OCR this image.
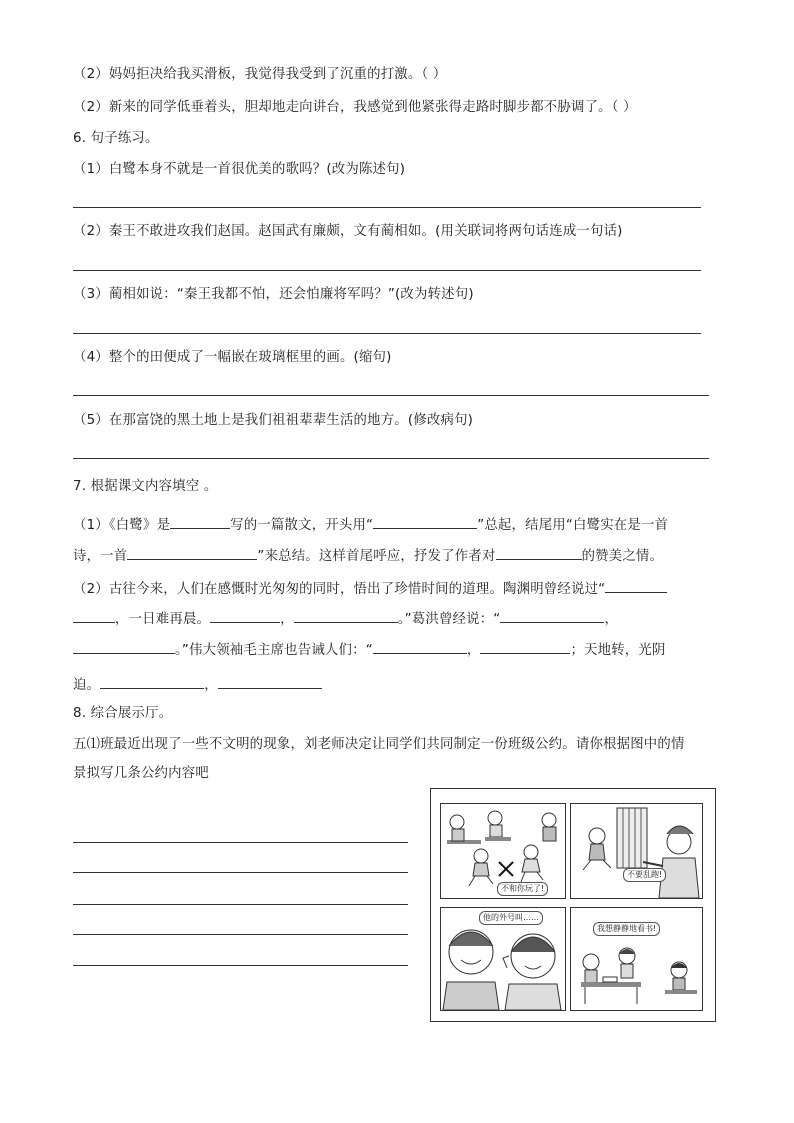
（2）妈妈拒决给我买滑板，我觉得我受到了沉重的打激。（ ）
（2）新来的同学低垂着头，胆却地走向讲台，我感觉到他紧张得走路时脚步都不胁调了。（ ）
6. 句子练习。
（1）白鹭本身不就是一首很优美的歌吗？(改为陈述句)
（2）秦王不敢进攻我们赵国。赵国武有廉颇，文有蔺相如。(用关联词将两句话连成一句话)
（3）蔺相如说：“秦王我都不怕，还会怕廉将军吗？”(改为转述句)
（4）整个的田便成了一幅嵌在玻璃框里的画。(缩句)
（5）在那富饶的黑土地上是我们祖祖辈辈生活的地方。(修改病句)
7. 根据课文内容填空 。
（1）《白鹭》是	写的一篇散文，开头用“	”总起，结尾用“白鹭实在是一首
诗，一首	”来总结。这样首尾呼应，抒发了作者对	的赞美之情。
（2）古往今来，人们在感慨时光匆匆的同时，悟出了珍惜时间的道理。陶渊明曾经说过“
，一日难再晨。	，	。”葛洪曾经说：“	，
。”伟大领袖毛主席也告诫人们：“	，	；天地转，光阴
迫。	，
8. 综合展示厅。
五⑴班最近出现了一些不文明的现象，刘老师决定让同学们共同制定一份班级公约。请你根据图中的情
景拟写几条公约内容吧
不和你玩了!
不要乱跑!
他的外号叫……
我想静静地看书!
